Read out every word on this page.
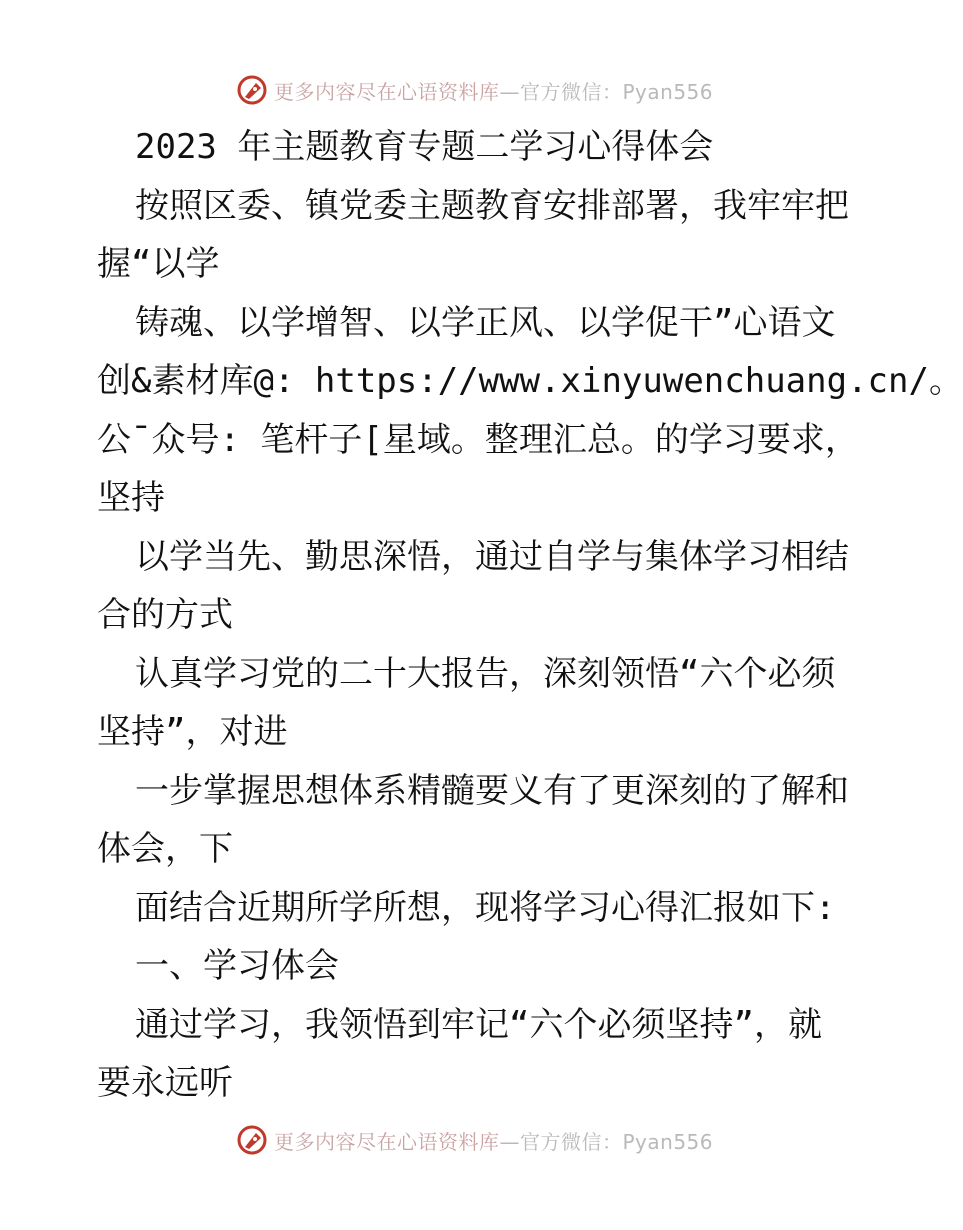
更多内容尽在心语资料库—官方微信：Pyan556
2023 年主题教育专题二学习心得体会
按照区委、镇党委主题教育安排部署，我牢牢把
握“以学
铸魂、以学增智、以学正风、以学促干”心语文
创&素材库@: https://www.xinyuwenchuang.cn/。
公¯众号: 笔杆子[星域。整理汇总。的学习要求，
坚持
以学当先、勤思深悟，通过自学与集体学习相结
合的方式
认真学习党的二十大报告，深刻领悟“六个必须
坚持”，对进
一步掌握思想体系精髓要义有了更深刻的了解和
体会，下
面结合近期所学所想，现将学习心得汇报如下:
一、学习体会
通过学习，我领悟到牢记“六个必须坚持”，就
要永远听
更多内容尽在心语资料库—官方微信：Pyan556
